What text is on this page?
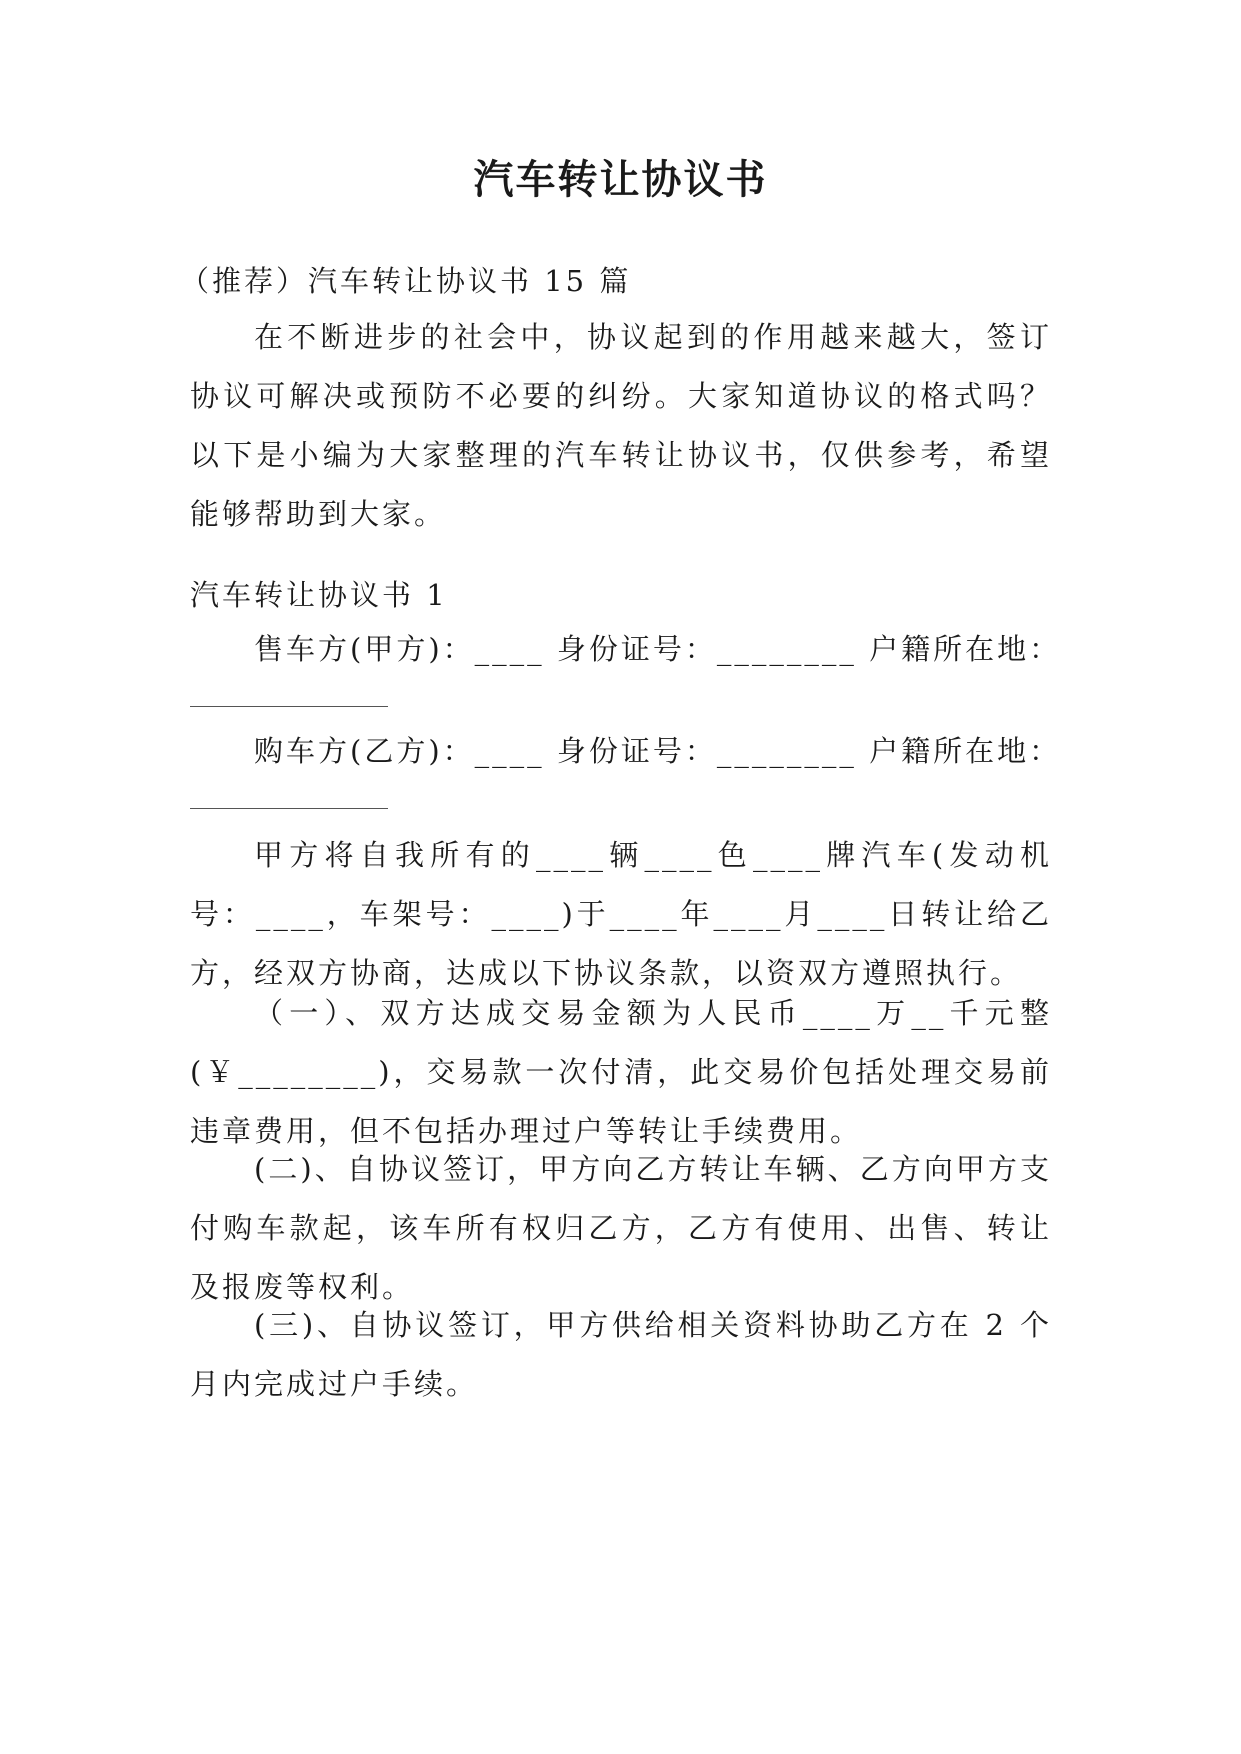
汽车转让协议书
（推荐）汽车转让协议书 15 篇
在不断进步的社会中，协议起到的作用越来越大，签订协议可解决或预防不必要的纠纷。大家知道协议的格式吗？以下是小编为大家整理的汽车转让协议书，仅供参考，希望能够帮助到大家。
汽车转让协议书 1
售车方(甲方)：____ 身份证号：________ 户籍所在地：
购车方(乙方)：____ 身份证号：________ 户籍所在地：
甲方将自我所有的____辆____色____牌汽车(发动机号：____，车架号：____)于____年____月____日转让给乙方，经双方协商，达成以下协议条款，以资双方遵照执行。
（一）、双方达成交易金额为人民币____万__千元整(￥________)，交易款一次付清，此交易价包括处理交易前违章费用，但不包括办理过户等转让手续费用。
(二)、自协议签订，甲方向乙方转让车辆、乙方向甲方支付购车款起，该车所有权归乙方，乙方有使用、出售、转让及报废等权利。
(三)、自协议签订，甲方供给相关资料协助乙方在 2 个月内完成过户手续。
